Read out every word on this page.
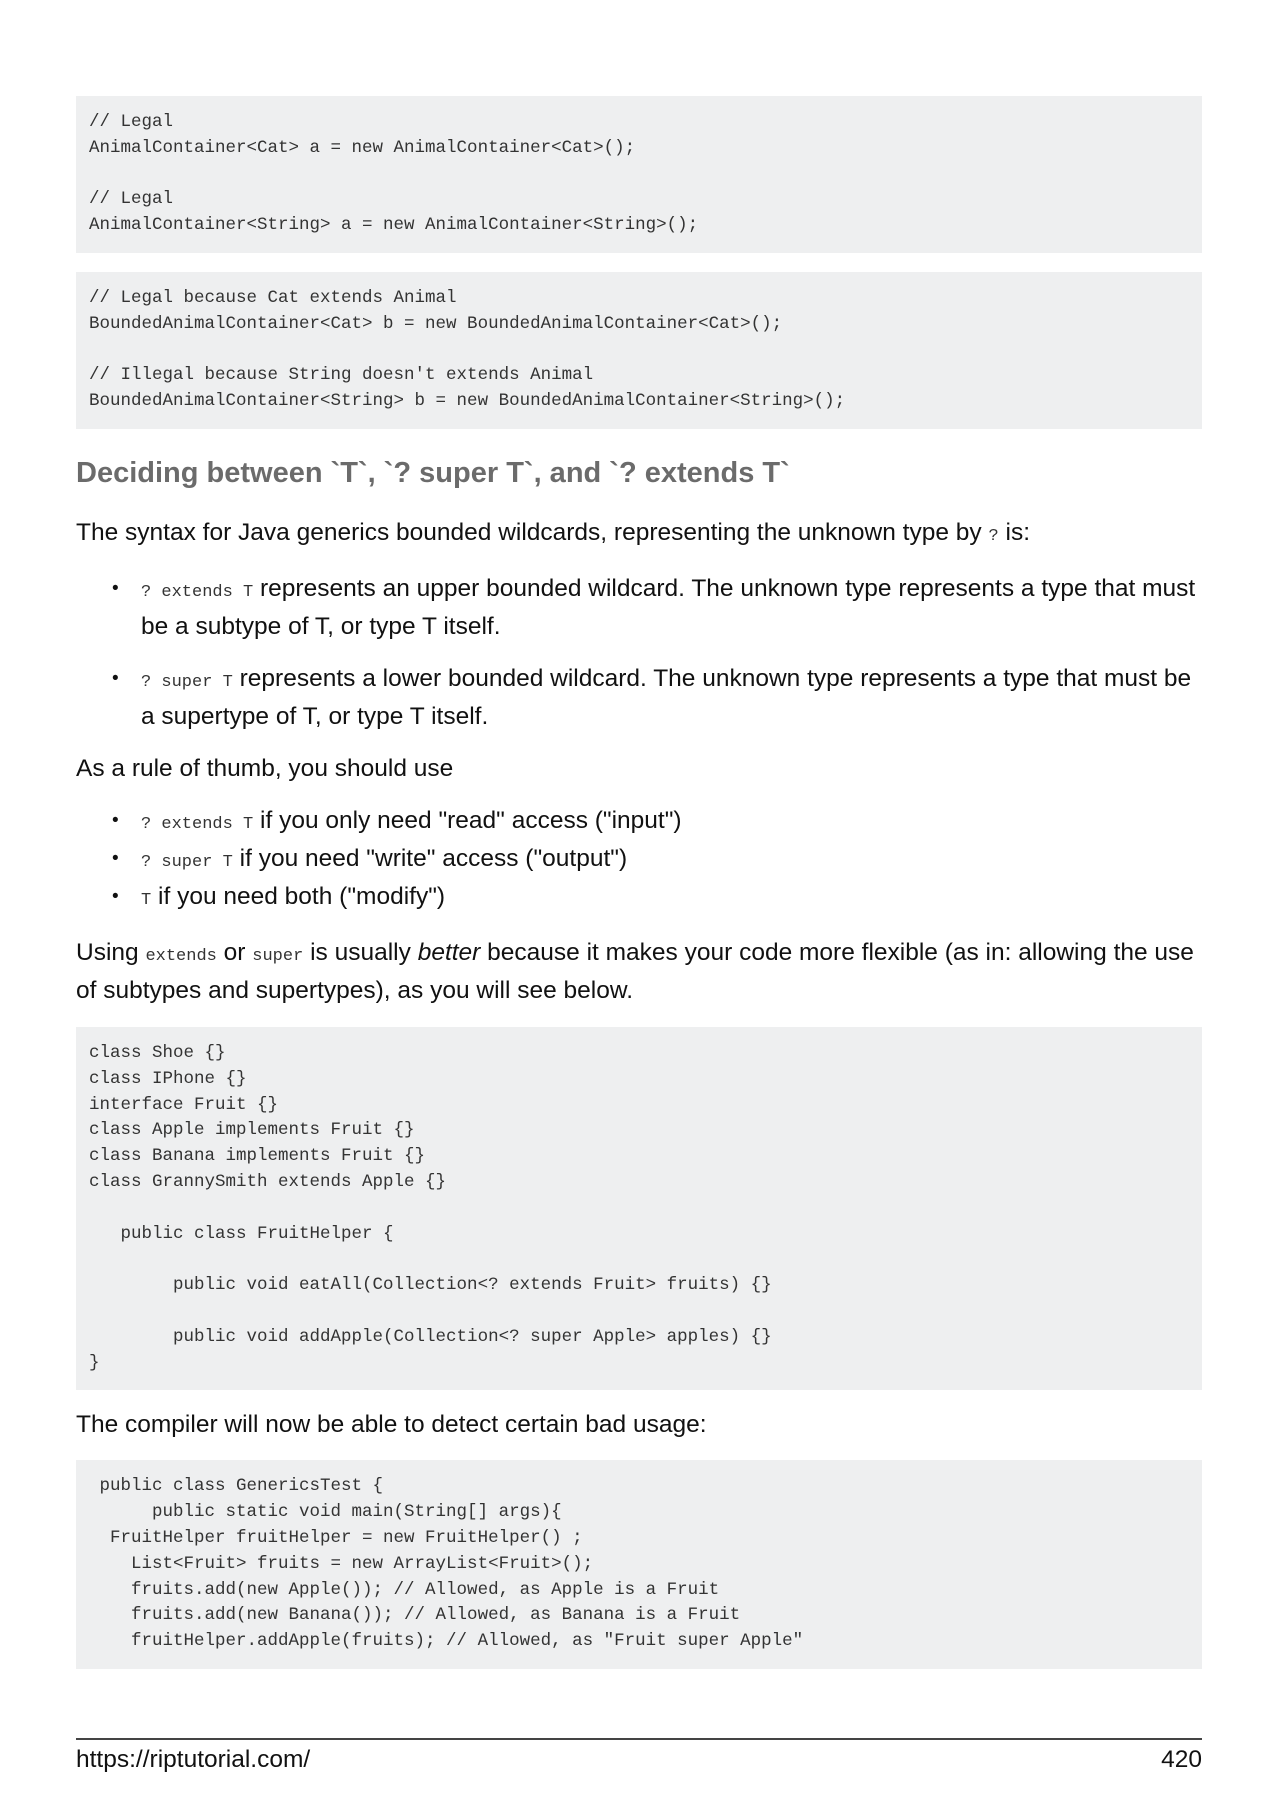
// Legal
AnimalContainer<Cat> a = new AnimalContainer<Cat>();

// Legal
AnimalContainer<String> a = new AnimalContainer<String>();
// Legal because Cat extends Animal
BoundedAnimalContainer<Cat> b = new BoundedAnimalContainer<Cat>();

// Illegal because String doesn't extends Animal
BoundedAnimalContainer<String> b = new BoundedAnimalContainer<String>();
Deciding between `T`, `? super T`, and `? extends T`

The syntax for Java generics bounded wildcards, representing the unknown type by ? is:

• ? extends T represents an upper bounded wildcard. The unknown type represents a type that must be a subtype of T, or type T itself.
• ? super T represents a lower bounded wildcard. The unknown type represents a type that must be a supertype of T, or type T itself.

As a rule of thumb, you should use

• ? extends T if you only need "read" access ("input")
• ? super T if you need "write" access ("output")
• T if you need both ("modify")

Using extends or super is usually better because it makes your code more flexible (as in: allowing the use of subtypes and supertypes), as you will see below.

class Shoe {}
class IPhone {}
interface Fruit {}
class Apple implements Fruit {}
class Banana implements Fruit {}
class GrannySmith extends Apple {}

public class FruitHelper {

public void eatAll(Collection<? extends Fruit> fruits) {}

public void addApple(Collection<? super Apple> apples) {}
}

The compiler will now be able to detect certain bad usage:

public class GenericsTest {
public static void main(String[] args){
FruitHelper fruitHelper = new FruitHelper() ;
List<Fruit> fruits = new ArrayList<Fruit>();
fruits.add(new Apple()); // Allowed, as Apple is a Fruit
fruits.add(new Banana()); // Allowed, as Banana is a Fruit
fruitHelper.addApple(fruits); // Allowed, as "Fruit super Apple"
https://riptutorial.com/	420
